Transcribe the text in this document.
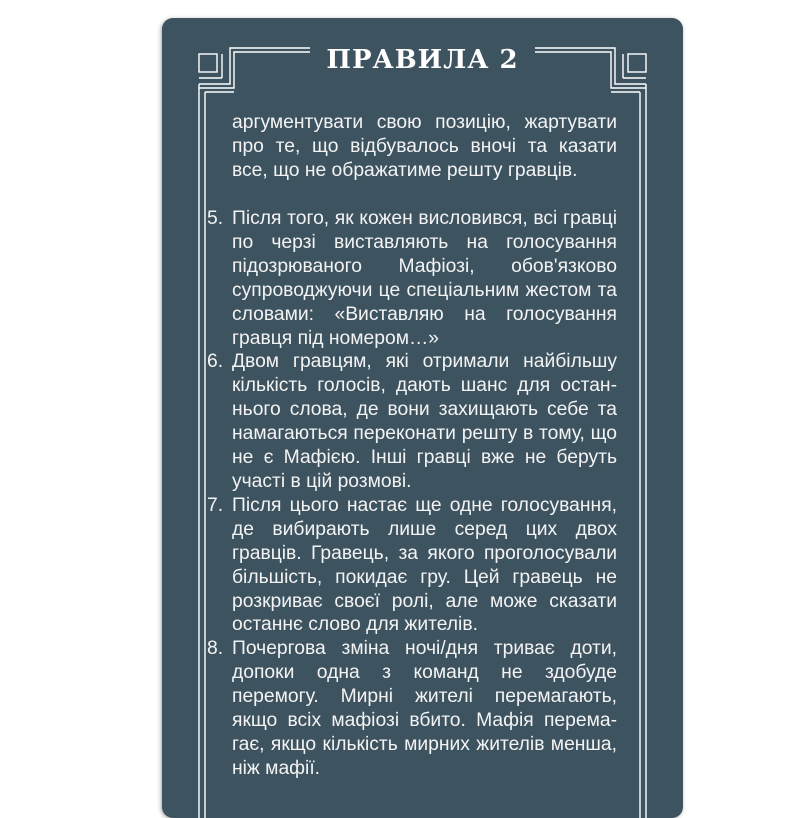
ПРАВИЛА 2

аргументувати свою позицію, жартувати про те, що відбувалось вночі та казати все, що не ображатиме решту гравців.

5. Після того, як кожен висловився, всі гравці по черзі виставляють на голосування підозрюваного Мафіозі, обов'язково супроводжуючи це спеціальним жестом та словами: «Виставляю на голосування гравця під номером…»
6. Двом гравцям, які отримали найбільшу кількість голосів, дають шанс для останнього слова, де вони захищають себе та намагаються переконати решту в тому, що не є Мафією. Інші гравці вже не беруть участі в цій розмові.
7. Після цього настає ще одне голосування, де вибирають лише серед цих двох гравців. Гравець, за якого проголосували більшість, покидає гру. Цей гравець не розкриває своєї ролі, але може сказати останнє слово для жителів.
8. Почергова зміна ночі/дня триває доти, допоки одна з команд не здобуде перемогу. Мирні жителі перемагають, якщо всіх мафіозі вбито. Мафія перемагає, якщо кількість мирних жителів менша, ніж мафії.
